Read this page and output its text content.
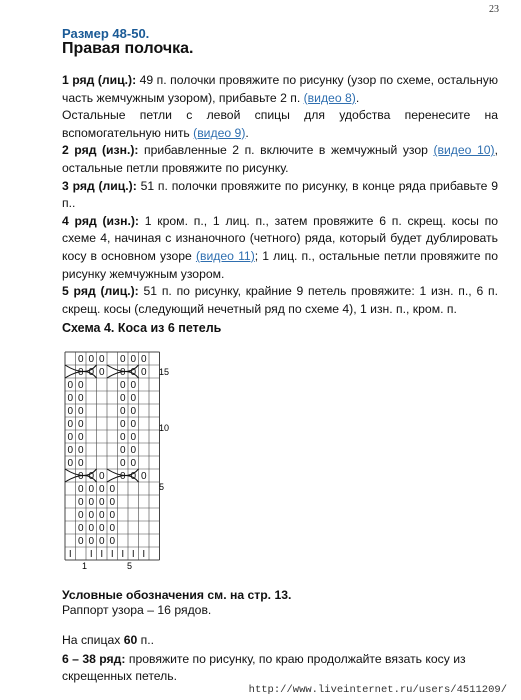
23
Размер 48-50.
Правая полочка.

1 ряд (лиц.): 49 п. полочки провяжите по рисунку (узор по схеме, остальную часть жемчужным узором), прибавьте 2 п. (видео 8).

Остальные петли с левой спицы для удобства перенесите на вспомогательную нить (видео 9).

2 ряд (изн.): прибавленные 2 п. включите в жемчужный узор (видео 10), остальные петли провяжите по рисунку.

3 ряд (лиц.): 51 п. полочки провяжите по рисунку, в конце ряда прибавьте 9 п..

4 ряд (изн.): 1 кром. п., 1 лиц. п., затем провяжите 6 п. скрещ. косы по схеме 4, начиная с изнаночного (четного) ряда, который будет дублировать косу в основном узоре (видео 11); 1 лиц. п., остальные петли провяжите по рисунку жемчужным узором.

5 ряд (лиц.): 51 п. по рисунку, крайние 9 петель провяжите: 1 изн. п., 6 п. скрещ. косы (следующий нечетный ряд по схеме 4), 1 изн. п., кром. п.

Схема 4. Коса из 6 петель
0 0 0 0 0 0
0 0 0 0 0 0
0 0	0 0
0 0	0 0
0 0	0 0
0 0	0 0
0 0	0 0
0 0	0 0
0 0	0 0
0 0 0 0 0 0
0 0 0 0
0 0 0 0
0 0 0 0
0 0 0 0
0 0 0 0
I I I I I I I
15
10
5
1	5
Условные обозначения см. на стр. 13.
Раппорт узора – 16 рядов.
На спицах 60 п..
6 – 38 ряд: провяжите по рисунку, по краю продолжайте вязать косу из скрещенных петель.
http://www.liveinternet.ru/users/4511209/
